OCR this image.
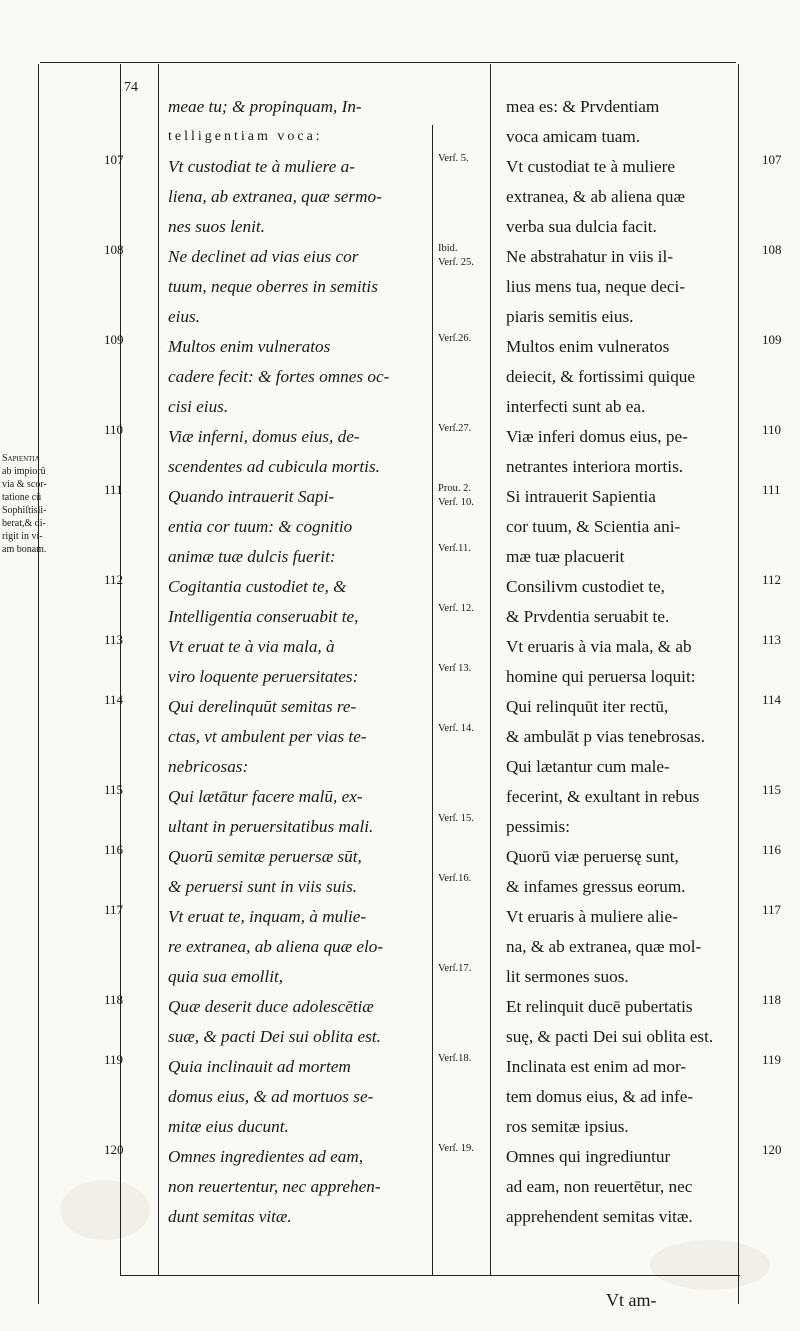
74
Sapientia
ab impiorū
via & scor-
tatione cū
Sophiſtisli-
berat,& di-
rigit in vi-
am bonam.
107
108
109
110
111
112
113
114
115
116
117
118
119
120
107
108
109
110
111
112
113
114
115
116
117
118
119
120
Verſ. 5.
Ibid.
Verſ. 25.
Verſ.26.
Verſ.27.
Prou. 2.
Verſ. 10.
Verſ.11.
Verſ. 12.
Verſ 13.
Verſ. 14.
Verſ. 15.
Verſ.16.
Verſ.17.
Verſ.18.
Verſ. 19.
meae tu; & propinquam, In-
telligentiam voca:
Vt custodiat te à muliere a-
liena, ab extranea, quæ sermo-
nes suos lenit.
Ne declinet ad vias eius cor
tuum, neque oberres in semitis
eius.
Multos enim vulneratos
cadere fecit: & fortes omnes oc-
cisi eius.
Viæ inferni, domus eius, de-
scendentes ad cubicula mortis.
Quando intrauerit Sapi-
entia cor tuum: & cognitio
animæ tuæ dulcis fuerit:
Cogitantia custodiet te, &
Intelligentia conseruabit te,
Vt eruat te à via mala, à
viro loquente peruersitates:
Qui derelinquūt semitas re-
ctas, vt ambulent per vias te-
nebricosas:
Qui lætātur facere malū, ex-
ultant in peruersitatibus mali.
Quorū semitæ peruersæ sūt,
& peruersi sunt in viis suis.
Vt eruat te, inquam, à mulie-
re extranea, ab aliena quæ elo-
quia sua emollit,
Quæ deserit duce adolescētiæ
suæ, & pacti Dei sui oblita est.
Quia inclinauit ad mortem
domus eius, & ad mortuos se-
mitæ eius ducunt.
Omnes ingredientes ad eam,
non reuertentur, nec apprehen-
dunt semitas vitæ.
mea es: & Prvdentiam
voca amicam tuam.
Vt custodiat te à muliere
extranea, & ab aliena quæ
verba sua dulcia facit.
Ne abstrahatur in viis il-
lius mens tua, neque deci-
piaris semitis eius.
Multos enim vulneratos
deiecit, & fortissimi quique
interfecti sunt ab ea.
Viæ inferi domus eius, pe-
netrantes interiora mortis.
Si intrauerit Sapientia
cor tuum, & Scientia ani-
mæ tuæ placuerit
Consilivm custodiet te,
& Prvdentia seruabit te.
Vt eruaris à via mala, & ab
homine qui peruersa loquit:
Qui relinquūt iter rectū,
& ambulāt p vias tenebrosas.
Qui lætantur cum male-
fecerint, & exultant in rebus
pessimis:
Quorū viæ peruersę sunt,
& infames gressus eorum.
Vt eruaris à muliere alie-
na, & ab extranea, quæ mol-
lit sermones suos.
Et relinquit ducē pubertatis
suę, & pacti Dei sui oblita est.
Inclinata est enim ad mor-
tem domus eius, & ad infe-
ros semitæ ipsius.
Omnes qui ingrediuntur
ad eam, non reuertētur, nec
apprehendent semitas vitæ.
Vt am-
